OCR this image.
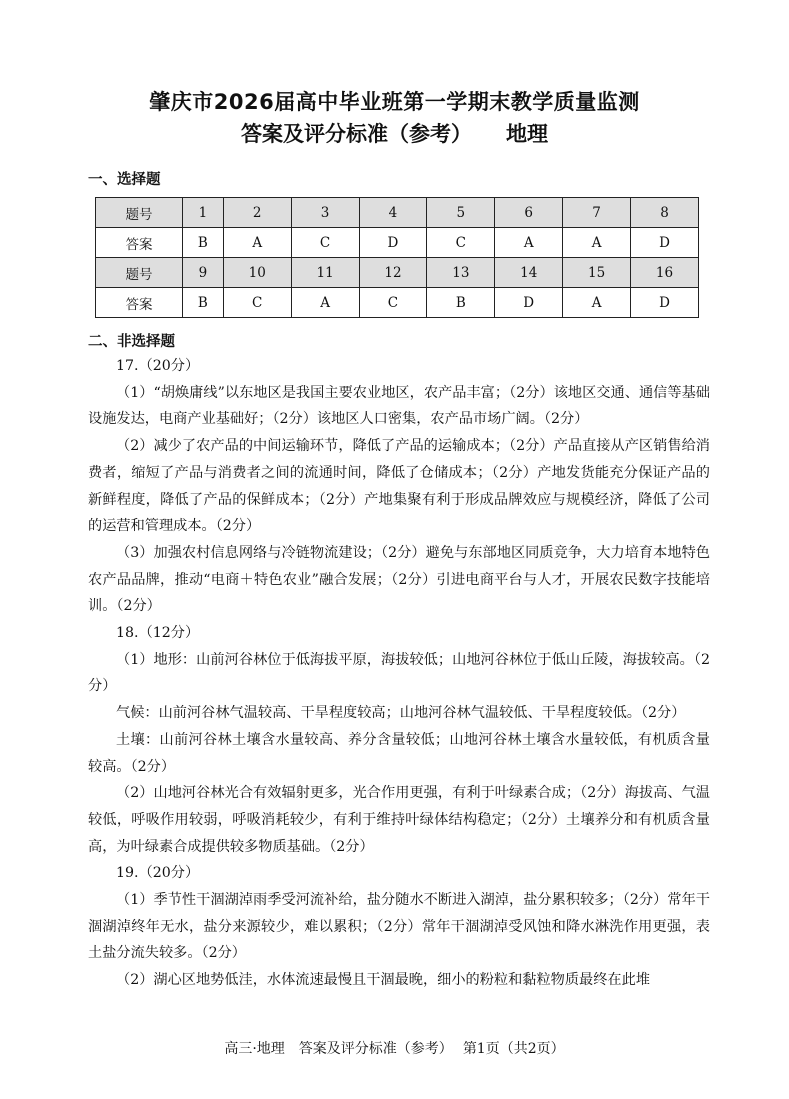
肇庆市2026届高中毕业班第一学期末教学质量监测
答案及评分标准（参考） 地理
一、选择题
题号	1	2	3	4	5	6	7	8
答案	B	A	C	D	C	A	A	D
题号	9	10	11	12	13	14	15	16
答案	B	C	A	C	B	D	A	D
二、非选择题

17.（20分）

（1）“胡焕庸线”以东地区是我国主要农业地区，农产品丰富；（2分）该地区交通、通信等基础设施发达，电商产业基础好；（2分）该地区人口密集，农产品市场广阔。（2分）

（2）减少了农产品的中间运输环节，降低了产品的运输成本；（2分）产品直接从产区销售给消费者，缩短了产品与消费者之间的流通时间，降低了仓储成本；（2分）产地发货能充分保证产品的新鲜程度，降低了产品的保鲜成本；（2分）产地集聚有利于形成品牌效应与规模经济，降低了公司的运营和管理成本。（2分）

（3）加强农村信息网络与冷链物流建设；（2分）避免与东部地区同质竞争，大力培育本地特色农产品品牌，推动“电商＋特色农业”融合发展；（2分）引进电商平台与人才，开展农民数字技能培训。（2分）

18.（12分）

（1）地形：山前河谷林位于低海拔平原，海拔较低；山地河谷林位于低山丘陵，海拔较高。（2分）

气候：山前河谷林气温较高、干旱程度较高；山地河谷林气温较低、干旱程度较低。（2分）

土壤：山前河谷林土壤含水量较高、养分含量较低；山地河谷林土壤含水量较低，有机质含量较高。（2分）

（2）山地河谷林光合有效辐射更多，光合作用更强，有利于叶绿素合成；（2分）海拔高、气温较低，呼吸作用较弱，呼吸消耗较少，有利于维持叶绿体结构稳定；（2分）土壤养分和有机质含量高，为叶绿素合成提供较多物质基础。（2分）

19.（20分）

（1）季节性干涸湖淖雨季受河流补给，盐分随水不断进入湖淖，盐分累积较多；（2分）常年干涸湖淖终年无水，盐分来源较少，难以累积；（2分）常年干涸湖淖受风蚀和降水淋洗作用更强，表土盐分流失较多。（2分）

（2）湖心区地势低洼，水体流速最慢且干涸最晚，细小的粉粒和黏粒物质最终在此堆

高三·地理　答案及评分标准（参考） 第1页（共2页）
